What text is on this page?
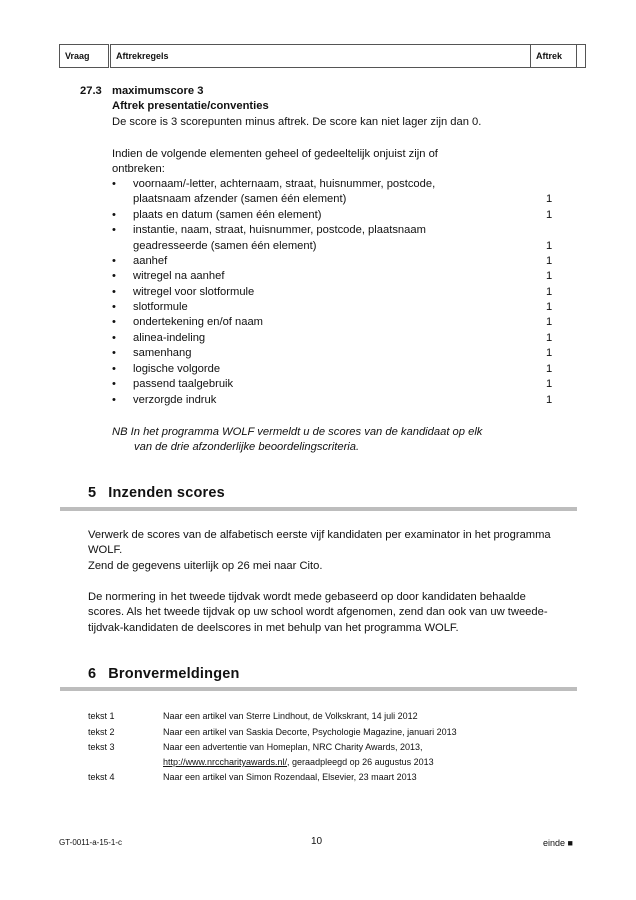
Vraag	Aftrekregels	Aftrek
27.3 maximumscore 3
Aftrek presentatie/conventies
De score is 3 scorepunten minus aftrek. De score kan niet lager zijn dan 0.
Indien de volgende elementen geheel of gedeeltelijk onjuist zijn of
ontbreken:
• voornaam/-letter, achternaam, straat, huisnummer, postcode,
plaatsnaam afzender (samen één element)	1
• plaats en datum (samen één element)	1
• instantie, naam, straat, huisnummer, postcode, plaatsnaam
geadresseerde (samen één element)	1
• aanhef	1
• witregel na aanhef	1
• witregel voor slotformule	1
• slotformule	1
• ondertekening en/of naam	1
• alinea-indeling	1
• samenhang	1
• logische volgorde	1
• passend taalgebruik	1
• verzorgde indruk	1
NB In het programma WOLF vermeldt u de scores van de kandidaat op elk
van de drie afzonderlijke beoordelingscriteria.
5 Inzenden scores
Verwerk de scores van de alfabetisch eerste vijf kandidaten per examinator in het programma WOLF.
Zend de gegevens uiterlijk op 26 mei naar Cito.
De normering in het tweede tijdvak wordt mede gebaseerd op door kandidaten behaalde scores. Als het tweede tijdvak op uw school wordt afgenomen, zend dan ook van uw tweede-tijdvak-kandidaten de deelscores in met behulp van het programma WOLF.
6 Bronvermeldingen
tekst 1	Naar een artikel van Sterre Lindhout, de Volkskrant, 14 juli 2012
tekst 2	Naar een artikel van Saskia Decorte, Psychologie Magazine, januari 2013
tekst 3	Naar een advertentie van Homeplan, NRC Charity Awards, 2013,
http://www.nrccharityawards.nl/, geraadpleegd op 26 augustus 2013
tekst 4	Naar een artikel van Simon Rozendaal, Elsevier, 23 maart 2013
GT-0011-a-15-1-c	10	einde ■
